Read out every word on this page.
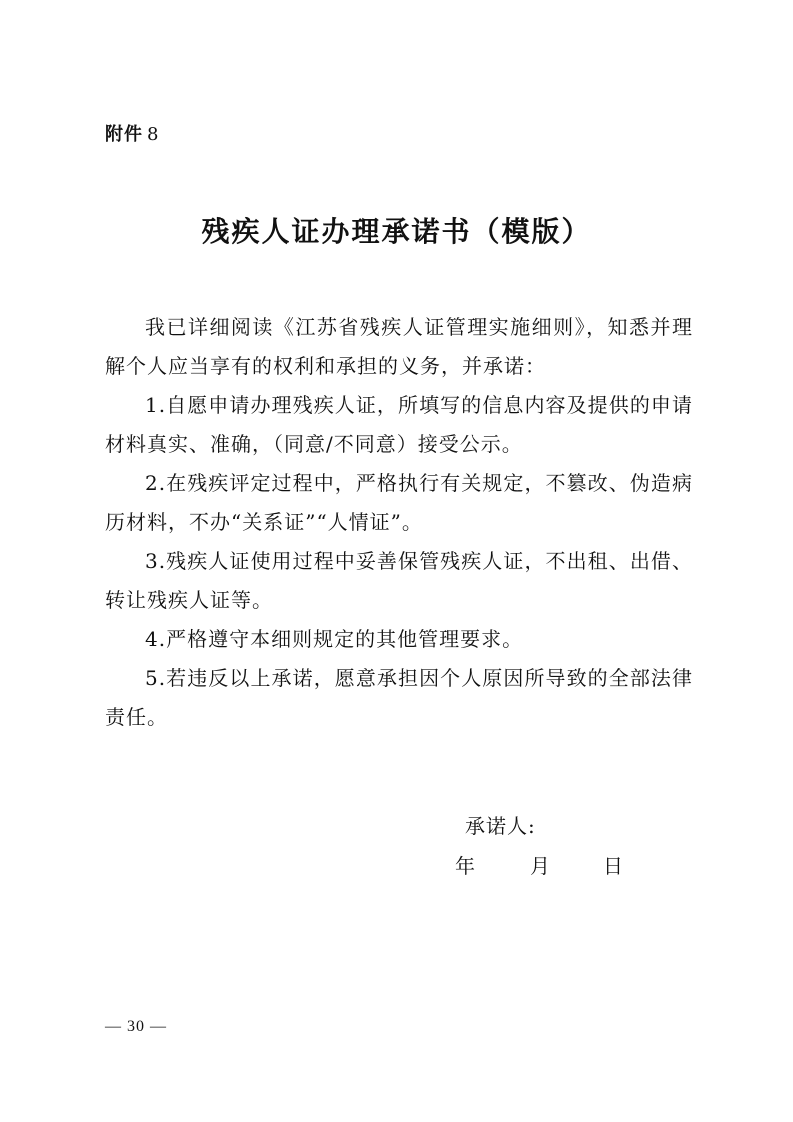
附件 8
残疾人证办理承诺书（模版）

我已详细阅读《江苏省残疾人证管理实施细则》，知悉并理解个人应当享有的权利和承担的义务，并承诺：

1.自愿申请办理残疾人证，所填写的信息内容及提供的申请材料真实、准确，（同意/不同意）接受公示。

2.在残疾评定过程中，严格执行有关规定，不篡改、伪造病历材料，不办“关系证”“人情证”。

3.残疾人证使用过程中妥善保管残疾人证，不出租、出借、转让残疾人证等。

4.严格遵守本细则规定的其他管理要求。

5.若违反以上承诺，愿意承担因个人原因所导致的全部法律责任。

承诺人:
年	月	日
— 30 —
